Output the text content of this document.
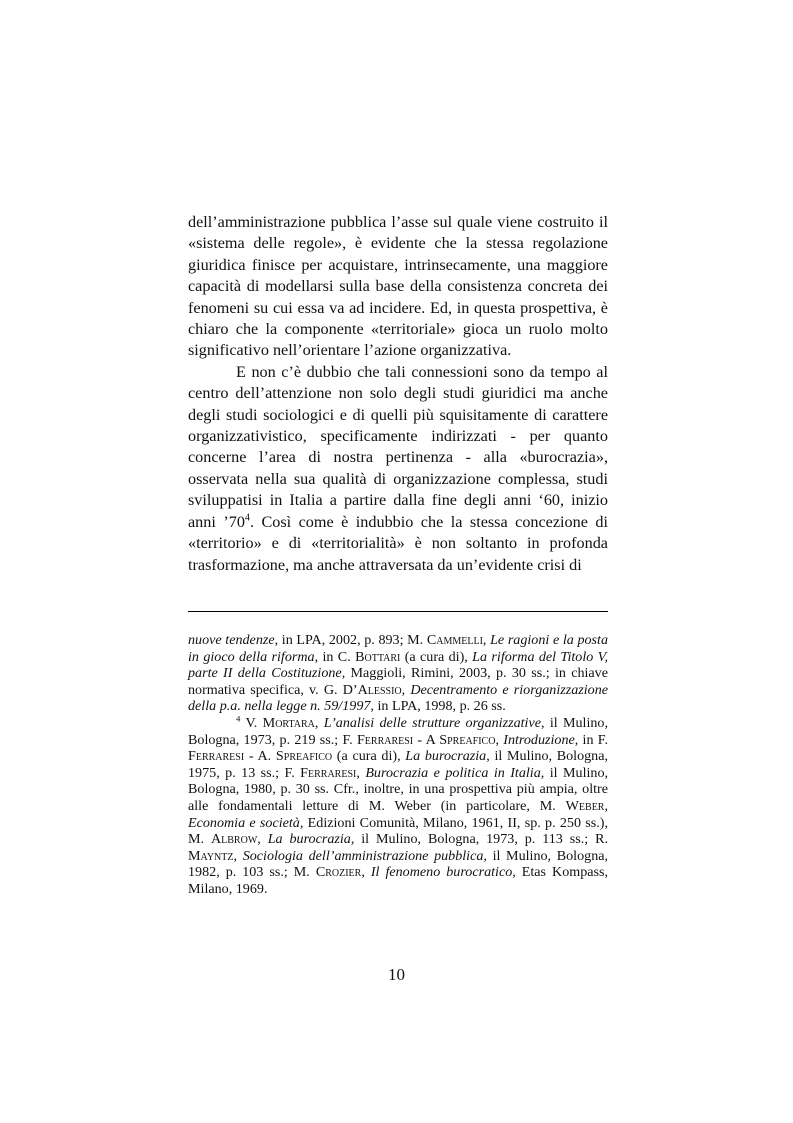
dell’amministrazione pubblica l’asse sul quale viene costruito il «sistema delle regole», è evidente che la stessa regolazione giuridica finisce per acquistare, intrinsecamente, una maggiore capacità di modellarsi sulla base della consistenza concreta dei fenomeni su cui essa va ad incidere. Ed, in questa prospettiva, è chiaro che la componente «territoriale» gioca un ruolo molto significativo nell’orientare l’azione organizzativa.

E non c’è dubbio che tali connessioni sono da tempo al centro dell’attenzione non solo degli studi giuridici ma anche degli studi sociologici e di quelli più squisitamente di carattere organizzativistico, specificamente indirizzati - per quanto concerne l’area di nostra pertinenza - alla «burocrazia», osservata nella sua qualità di organizzazione complessa, studi sviluppatisi in Italia a partire dalla fine degli anni ‘60, inizio anni $’70^4$. Così come è indubbio che la stessa concezione di «territorio» e di «territorialità» è non soltanto in profonda trasformazione, ma anche attraversata da un’evidente crisi di

nuove tendenze, in LPA, 2002, p. 893; M. Cammelli, Le ragioni e la posta in gioco della riforma, in C. Bottari (a cura di), La riforma del Titolo V, parte II della Costituzione, Maggioli, Rimini, 2003, p. 30 ss.; in chiave normativa specifica, v. G. D’Alessio, Decentramento e riorganizzazione della p.a. nella legge n. 59/1997, in LPA, 1998, p. 26 ss.

$^4$ V. Mortara, L’analisi delle strutture organizzative, il Mulino, Bologna, 1973, p. 219 ss.; F. Ferraresi - A Spreafico, Introduzione, in F. Ferraresi - A. Spreafico (a cura di), La burocrazia, il Mulino, Bologna, 1975, p. 13 ss.; F. Ferraresi, Burocrazia e politica in Italia, il Mulino, Bologna, 1980, p. 30 ss. Cfr., inoltre, in una prospettiva più ampia, oltre alle fondamentali letture di M. Weber (in particolare, M. Weber, Economia e società, Edizioni Comunità, Milano, 1961, II, sp. p. 250 ss.), M. Albrow, La burocrazia, il Mulino, Bologna, 1973, p. 113 ss.; R. Mayntz, Sociologia dell’amministrazione pubblica, il Mulino, Bologna, 1982, p. 103 ss.; M. Crozier, Il fenomeno burocratico, Etas Kompass, Milano, 1969.

10
